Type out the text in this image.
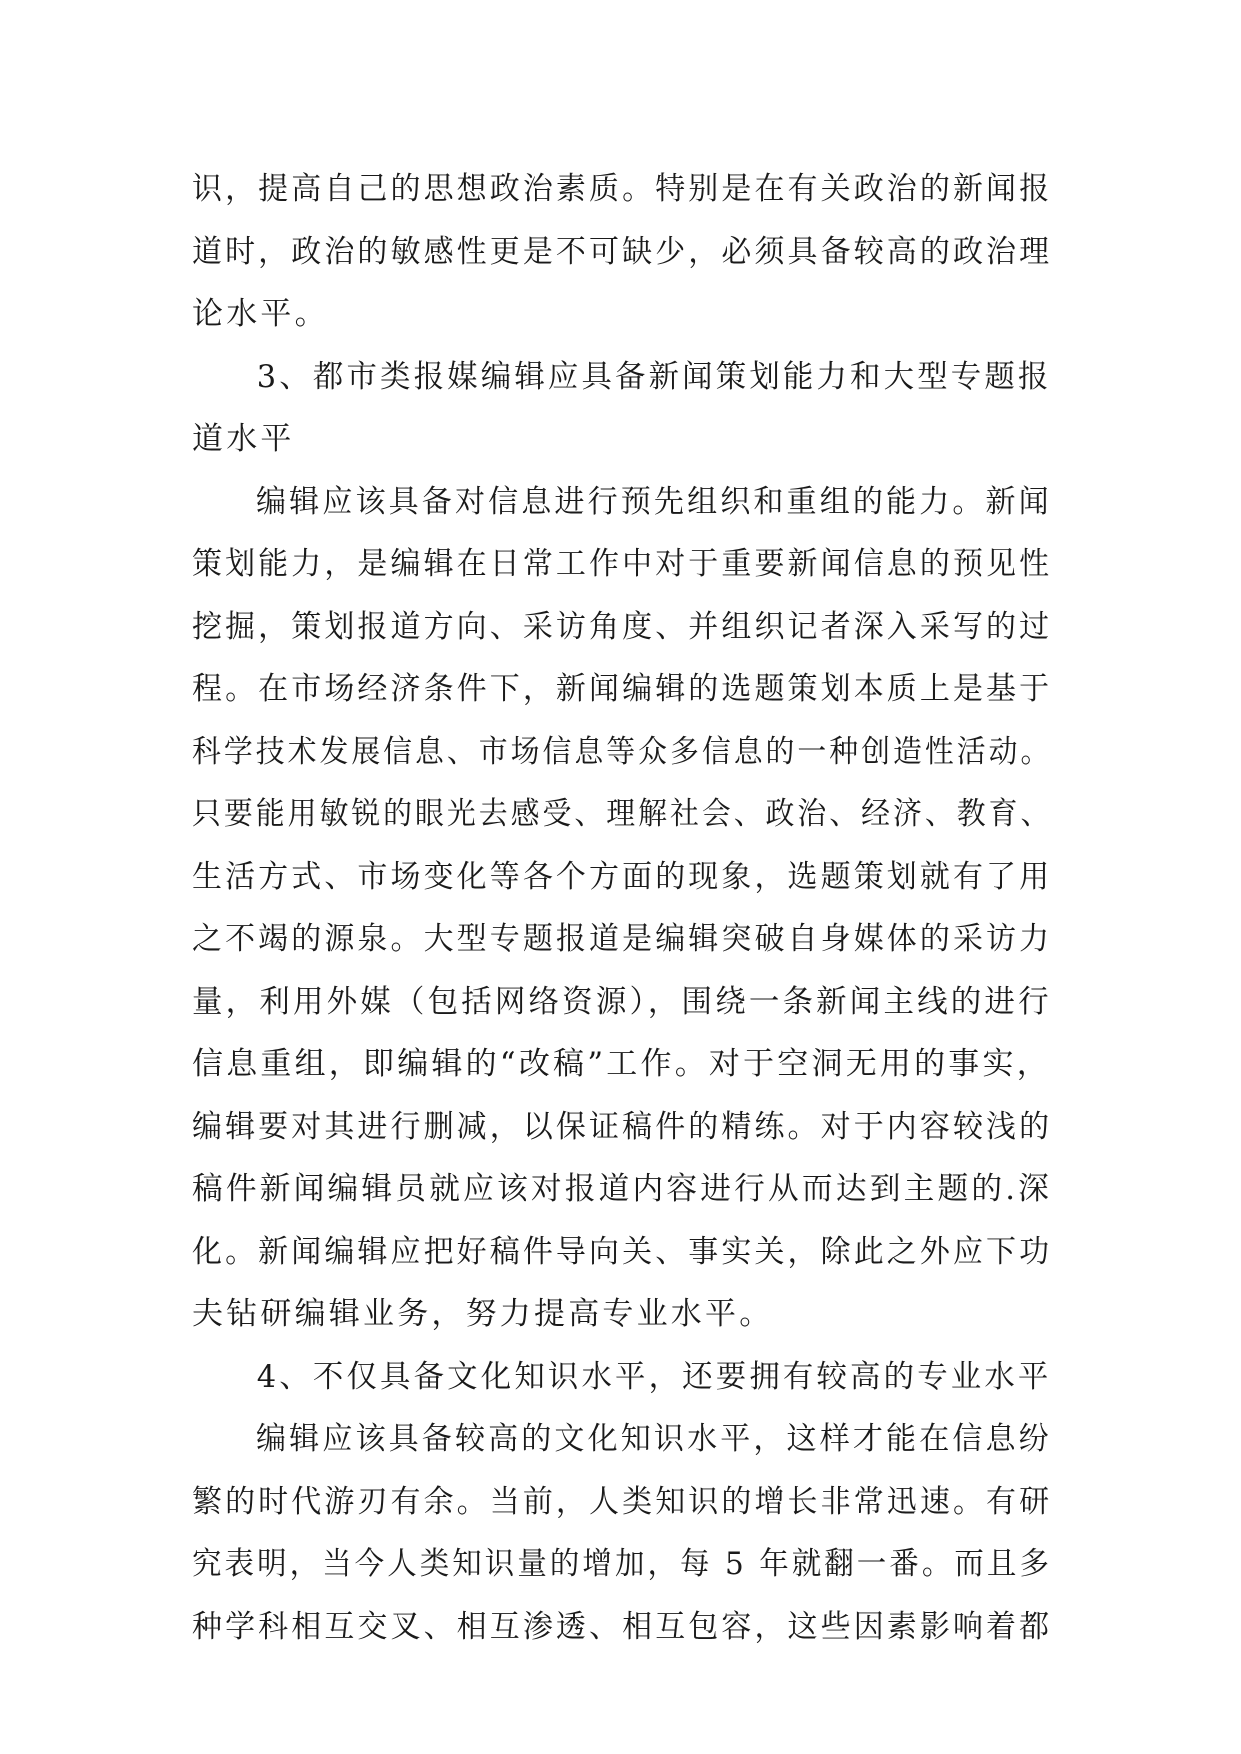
识，提高自己的思想政治素质。特别是在有关政治的新闻报
道时，政治的敏感性更是不可缺少，必须具备较高的政治理
论水平。
3、都市类报媒编辑应具备新闻策划能力和大型专题报
道水平
编辑应该具备对信息进行预先组织和重组的能力。新闻
策划能力，是编辑在日常工作中对于重要新闻信息的预见性
挖掘，策划报道方向、采访角度、并组织记者深入采写的过
程。在市场经济条件下，新闻编辑的选题策划本质上是基于
科学技术发展信息、市场信息等众多信息的一种创造性活动。
只要能用敏锐的眼光去感受、理解社会、政治、经济、教育、
生活方式、市场变化等各个方面的现象，选题策划就有了用
之不竭的源泉。大型专题报道是编辑突破自身媒体的采访力
量，利用外媒（包括网络资源），围绕一条新闻主线的进行
信息重组，即编辑的“改稿”工作。对于空洞无用的事实，
编辑要对其进行删减，以保证稿件的精练。对于内容较浅的
稿件新闻编辑员就应该对报道内容进行从而达到主题的.深
化。新闻编辑应把好稿件导向关、事实关，除此之外应下功
夫钻研编辑业务，努力提高专业水平。
4、不仅具备文化知识水平，还要拥有较高的专业水平
编辑应该具备较高的文化知识水平，这样才能在信息纷
繁的时代游刃有余。当前，人类知识的增长非常迅速。有研
究表明，当今人类知识量的增加，每 5 年就翻一番。而且多
种学科相互交叉、相互渗透、相互包容，这些因素影响着都
